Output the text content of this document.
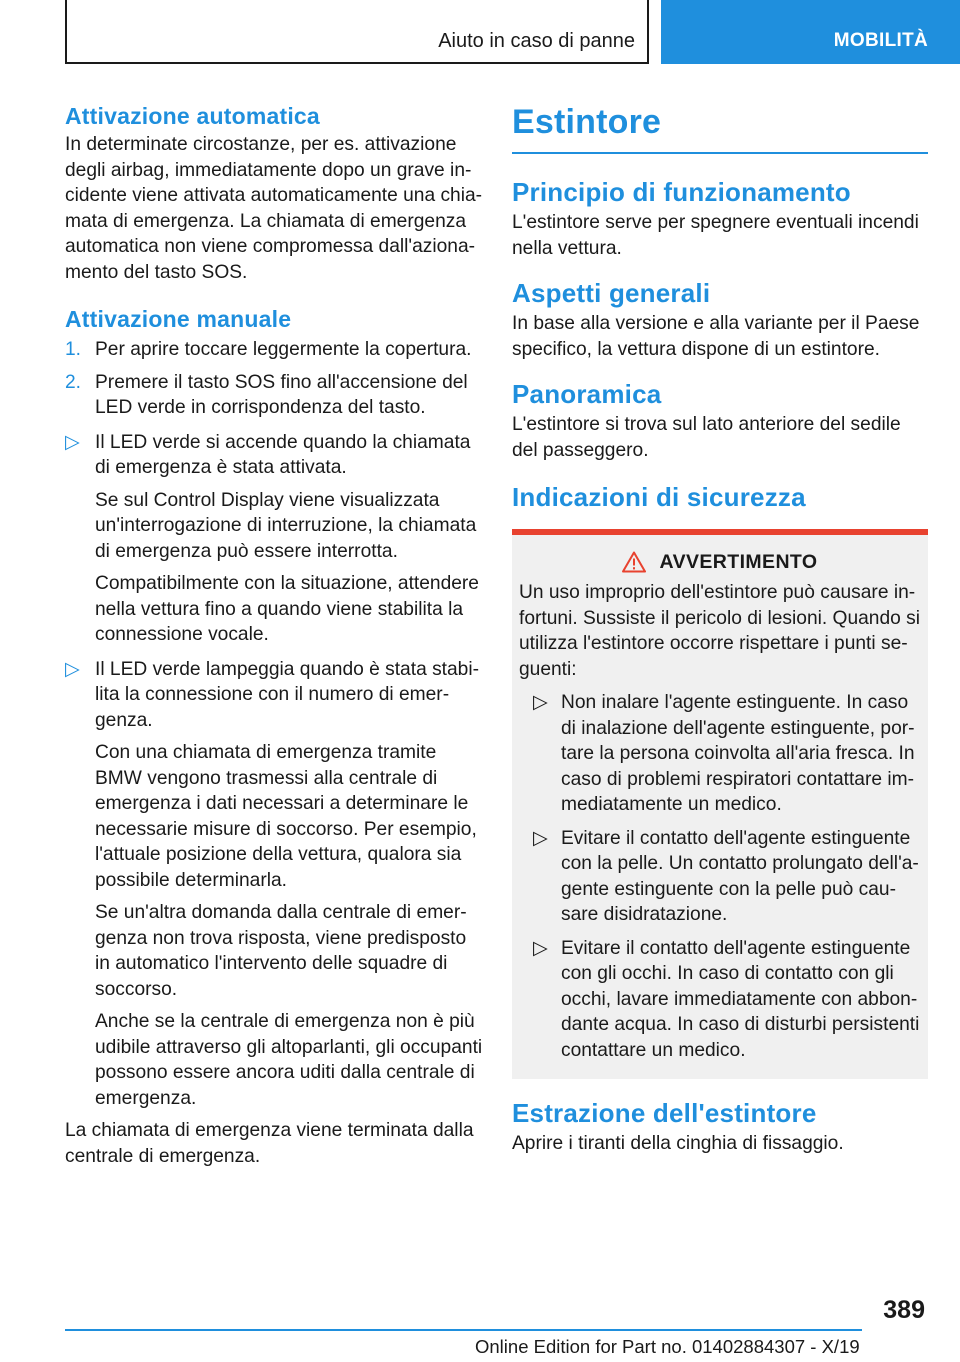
Aiuto in caso di panne	MOBILITÀ
Attivazione automatica

In determinate circostanze, per es. attivazione degli airbag, immediatamente dopo un grave incidente viene attivata automaticamente una chiamata di emergenza. La chiamata di emergenza automatica non viene compromessa dall'azionamento del tasto SOS.

Attivazione manuale
1. Per aprire toccare leggermente la copertura.

2. Premere il tasto SOS fino all'accensione del LED verde in corrispondenza del tasto.

▷ Il LED verde si accende quando la chiamata di emergenza è stata attivata.

Se sul Control Display viene visualizzata un'interrogazione di interruzione, la chiamata di emergenza può essere interrotta.

Compatibilmente con la situazione, attendere nella vettura fino a quando viene stabilita la connessione vocale.

▷ Il LED verde lampeggia quando è stata stabilita la connessione con il numero di emergenza.

Con una chiamata di emergenza tramite BMW vengono trasmessi alla centrale di emergenza i dati necessari a determinare le necessarie misure di soccorso. Per esempio, l'attuale posizione della vettura, qualora sia possibile determinarla.

Se un'altra domanda dalla centrale di emergenza non trova risposta, viene predisposto in automatico l'intervento delle squadre di soccorso.

Anche se la centrale di emergenza non è più udibile attraverso gli altoparlanti, gli occupanti possono essere ancora uditi dalla centrale di emergenza.

La chiamata di emergenza viene terminata dalla centrale di emergenza.

Estintore
Principio di funzionamento

L'estintore serve per spegnere eventuali incendi nella vettura.

Aspetti generali

In base alla versione e alla variante per il Paese specifico, la vettura dispone di un estintore.

Panoramica

L'estintore si trova sul lato anteriore del sedile del passeggero.

Indicazioni di sicurezza
AVVERTIMENTO

Un uso improprio dell'estintore può causare infortuni. Sussiste il pericolo di lesioni. Quando si utilizza l'estintore occorre rispettare i punti seguenti:

▷ Non inalare l'agente estinguente. In caso di inalazione dell'agente estinguente, portare la persona coinvolta all'aria fresca. In caso di problemi respiratori contattare immediatamente un medico.

▷ Evitare il contatto dell'agente estinguente con la pelle. Un contatto prolungato dell'agente estinguente con la pelle può causare disidratazione.

▷ Evitare il contatto dell'agente estinguente con gli occhi. In caso di contatto con gli occhi, lavare immediatamente con abbondante acqua. In caso di disturbi persistenti contattare un medico.

Estrazione dell'estintore

Aprire i tiranti della cinghia di fissaggio.

389
Online Edition for Part no. 01402884307 - X/19
